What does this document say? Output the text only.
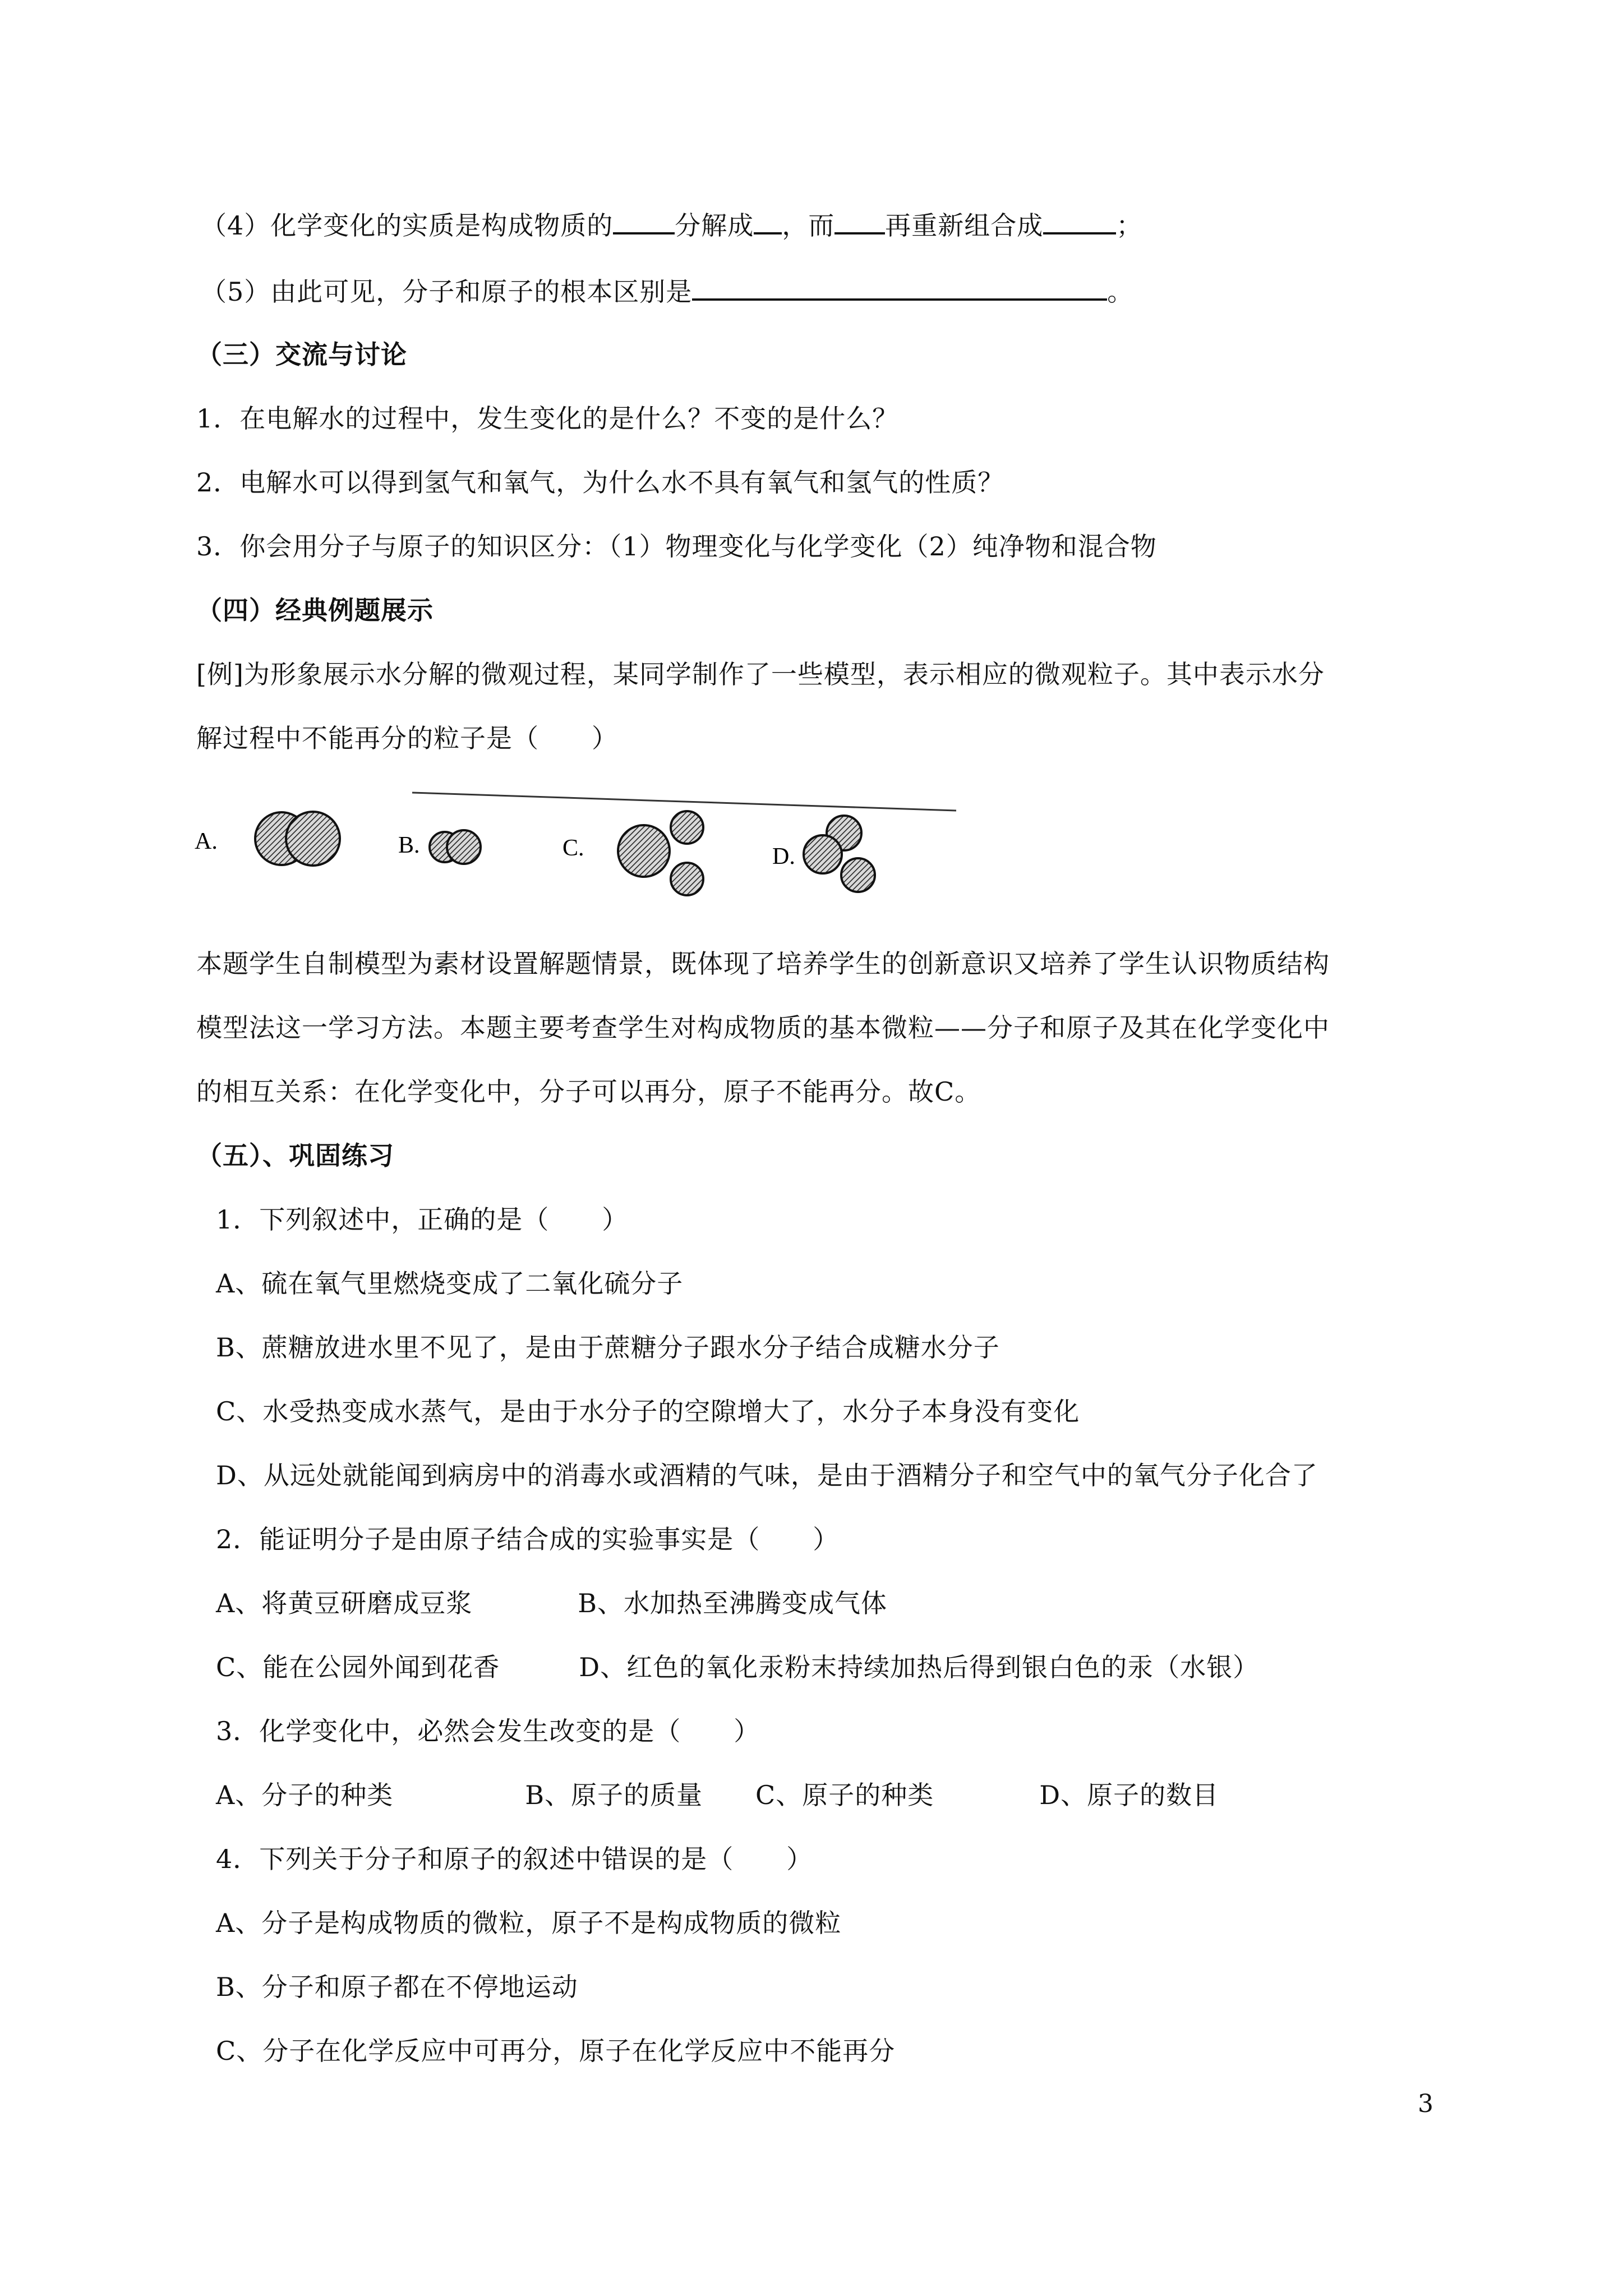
（4）化学变化的实质是构成物质的 分解成 ，而 再重新组合成	；
（5）由此可见，分子和原子的根本区别是	。
（三）交流与讨论
1．在电解水的过程中，发生变化的是什么？不变的是什么？
2．电解水可以得到氢气和氧气，为什么水不具有氧气和氢气的性质？
3．你会用分子与原子的知识区分：（1）物理变化与化学变化（2）纯净物和混合物
（四）经典例题展示
[例]为形象展示水分解的微观过程，某同学制作了一些模型，表示相应的微观粒子。其中表示水分
解过程中不能再分的粒子是（　　）
A.	B.	C.	D.
本题学生自制模型为素材设置解题情景，既体现了培养学生的创新意识又培养了学生认识物质结构
模型法这一学习方法。本题主要考查学生对构成物质的基本微粒——分子和原子及其在化学变化中
的相互关系：在化学变化中，分子可以再分，原子不能再分。故C。
（五）、巩固练习
1．下列叙述中，正确的是（　　）
A、硫在氧气里燃烧变成了二氧化硫分子
B、蔗糖放进水里不见了，是由于蔗糖分子跟水分子结合成糖水分子
C、水受热变成水蒸气，是由于水分子的空隙增大了，水分子本身没有变化
D、从远处就能闻到病房中的消毒水或酒精的气味，是由于酒精分子和空气中的氧气分子化合了
2．能证明分子是由原子结合成的实验事实是（　　）
A、将黄豆研磨成豆浆　　　　B、水加热至沸腾变成气体
C、能在公园外闻到花香　　　D、红色的氧化汞粉末持续加热后得到银白色的汞（水银）
3．化学变化中，必然会发生改变的是（　　）
A、分子的种类　　　　　B、原子的质量　　C、原子的种类　　　　D、原子的数目
4．下列关于分子和原子的叙述中错误的是（　　）
A、分子是构成物质的微粒，原子不是构成物质的微粒
B、分子和原子都在不停地运动
C、分子在化学反应中可再分，原子在化学反应中不能再分
3
